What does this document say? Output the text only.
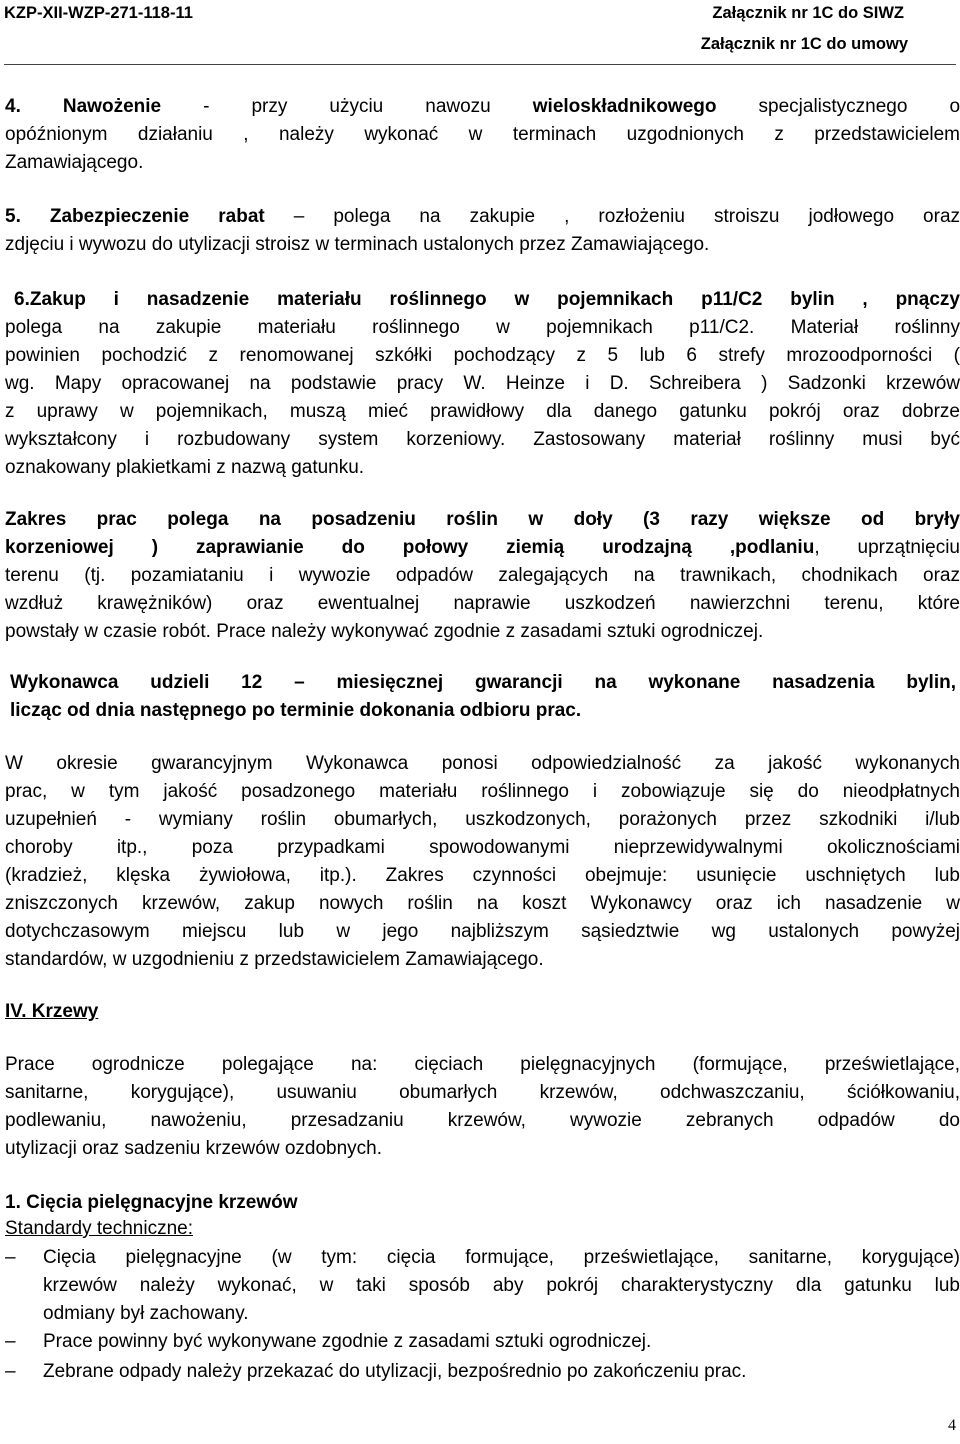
KZP-XII-WZP-271-118-11	Załącznik nr 1C do SIWZ
Załącznik nr 1C do umowy
4. Nawożenie - przy użyciu nawozu wieloskładnikowego specjalistycznego o
opóźnionym działaniu , należy wykonać w terminach uzgodnionych z przedstawicielem
Zamawiającego.
5. Zabezpieczenie rabat – polega na zakupie , rozłożeniu stroiszu jodłowego oraz
zdjęciu i wywozu do utylizacji stroisz w terminach ustalonych przez Zamawiającego.
6.Zakup i nasadzenie materiału roślinnego w pojemnikach p11/C2 bylin , pnączy
polega na zakupie materiału roślinnego w pojemnikach p11/C2. Materiał roślinny
powinien pochodzić z renomowanej szkółki pochodzący z 5 lub 6 strefy mrozoodporności (
wg. Mapy opracowanej na podstawie pracy W. Heinze i D. Schreibera ) Sadzonki krzewów
z uprawy w pojemnikach, muszą mieć prawidłowy dla danego gatunku pokrój oraz dobrze
wykształcony i rozbudowany system korzeniowy. Zastosowany materiał roślinny musi być
oznakowany plakietkami z nazwą gatunku.
Zakres prac polega na posadzeniu roślin w doły (3 razy większe od bryły
korzeniowej ) zaprawianie do połowy ziemią urodzajną ,podlaniu, uprzątnięciu
terenu (tj. pozamiataniu i wywozie odpadów zalegających na trawnikach, chodnikach oraz
wzdłuż krawężników) oraz ewentualnej naprawie uszkodzeń nawierzchni terenu, które
powstały w czasie robót. Prace należy wykonywać zgodnie z zasadami sztuki ogrodniczej.
Wykonawca udzieli 12 – miesięcznej gwarancji na wykonane nasadzenia bylin,
licząc od dnia następnego po terminie dokonania odbioru prac.
W okresie gwarancyjnym Wykonawca ponosi odpowiedzialność za jakość wykonanych
prac, w tym jakość posadzonego materiału roślinnego i zobowiązuje się do nieodpłatnych
uzupełnień - wymiany roślin obumarłych, uszkodzonych, porażonych przez szkodniki i/lub
choroby itp., poza przypadkami spowodowanymi nieprzewidywalnymi okolicznościami
(kradzież, klęska żywiołowa, itp.). Zakres czynności obejmuje: usunięcie uschniętych lub
zniszczonych krzewów, zakup nowych roślin na koszt Wykonawcy oraz ich nasadzenie w
dotychczasowym miejscu lub w jego najbliższym sąsiedztwie wg ustalonych powyżej
standardów, w uzgodnieniu z przedstawicielem Zamawiającego.
IV. Krzewy
Prace ogrodnicze polegające na: cięciach pielęgnacyjnych (formujące, prześwietlające,
sanitarne, korygujące), usuwaniu obumarłych krzewów, odchwaszczaniu, ściółkowaniu,
podlewaniu, nawożeniu, przesadzaniu krzewów, wywozie zebranych odpadów do
utylizacji oraz sadzeniu krzewów ozdobnych.
1. Cięcia pielęgnacyjne krzewów
Standardy techniczne:
–	Cięcia pielęgnacyjne (w tym: cięcia formujące, prześwietlające, sanitarne, korygujące)
krzewów należy wykonać, w taki sposób aby pokrój charakterystyczny dla gatunku lub
odmiany był zachowany.
–	Prace powinny być wykonywane zgodnie z zasadami sztuki ogrodniczej.
–	Zebrane odpady należy przekazać do utylizacji, bezpośrednio po zakończeniu prac.
4
